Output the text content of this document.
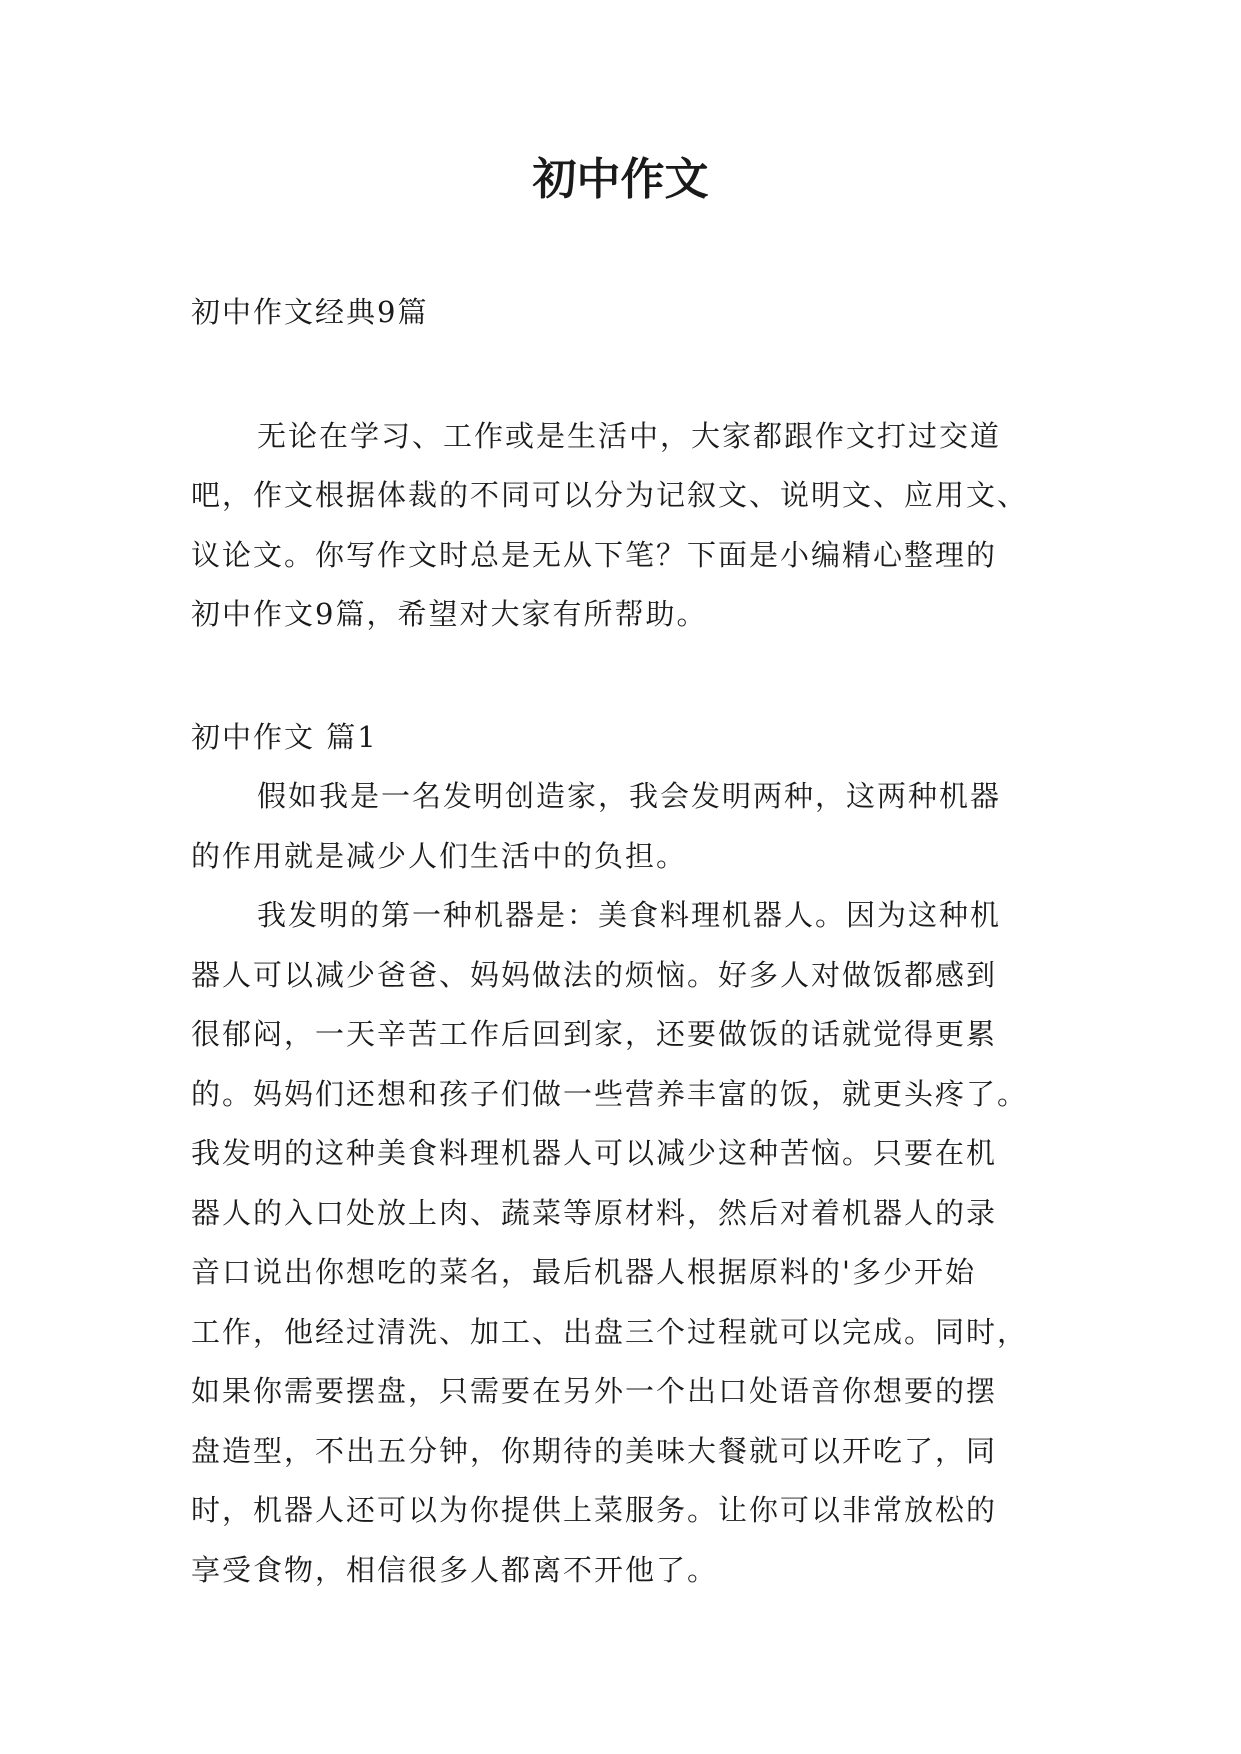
初中作文
初中作文经典9篇
无论在学习、工作或是生活中，大家都跟作文打过交道
吧，作文根据体裁的不同可以分为记叙文、说明文、应用文、
议论文。你写作文时总是无从下笔？下面是小编精心整理的
初中作文9篇，希望对大家有所帮助。
初中作文 篇1
假如我是一名发明创造家，我会发明两种，这两种机器
的作用就是减少人们生活中的负担。
我发明的第一种机器是：美食料理机器人。因为这种机
器人可以减少爸爸、妈妈做法的烦恼。好多人对做饭都感到
很郁闷，一天辛苦工作后回到家，还要做饭的话就觉得更累
的。妈妈们还想和孩子们做一些营养丰富的饭，就更头疼了。
我发明的这种美食料理机器人可以减少这种苦恼。只要在机
器人的入口处放上肉、蔬菜等原材料，然后对着机器人的录
音口说出你想吃的菜名，最后机器人根据原料的'多少开始
工作，他经过清洗、加工、出盘三个过程就可以完成。同时，
如果你需要摆盘，只需要在另外一个出口处语音你想要的摆
盘造型，不出五分钟，你期待的美味大餐就可以开吃了，同
时，机器人还可以为你提供上菜服务。让你可以非常放松的
享受食物，相信很多人都离不开他了。
